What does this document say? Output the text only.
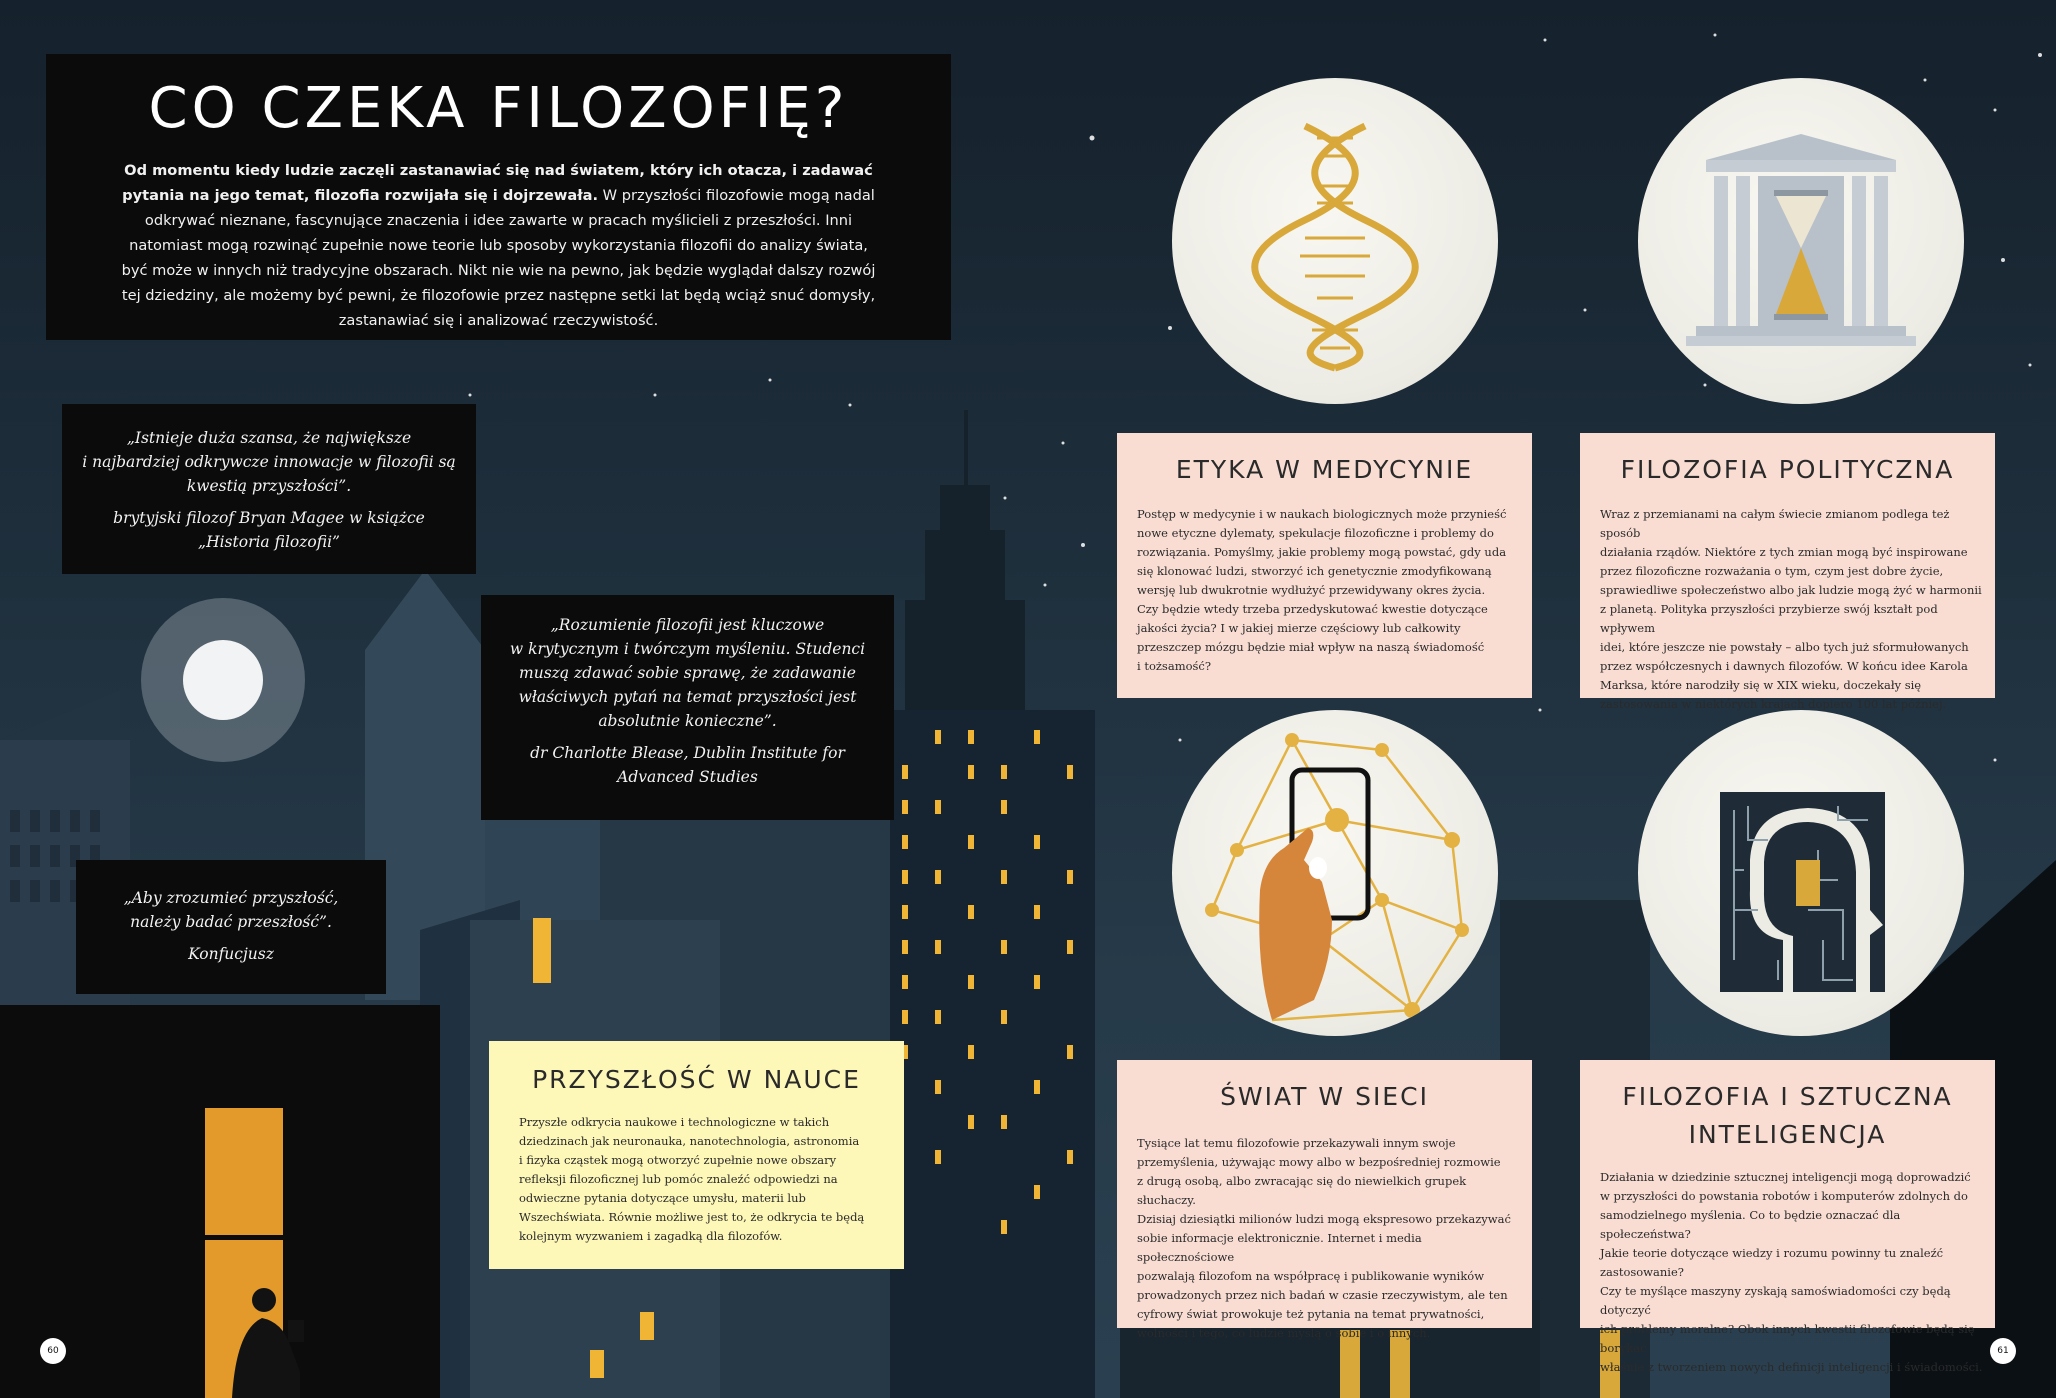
CO CZEKA FILOZOFIĘ?

Od momentu kiedy ludzie zaczęli zastanawiać się nad światem, który ich otacza, i zadawać pytania na jego temat, filozofia rozwijała się i dojrzewała. W przyszłości filozofowie mogą nadal odkrywać nieznane, fascynujące znaczenia i idee zawarte w pracach myślicieli z przeszłości. Inni natomiast mogą rozwinąć zupełnie nowe teorie lub sposoby wykorzystania filozofii do analizy świata, być może w innych niż tradycyjne obszarach. Nikt nie wie na pewno, jak będzie wyglądał dalszy rozwój tej dziedziny, ale możemy być pewni, że filozofowie przez następne setki lat będą wciąż snuć domysły, zastanawiać się i analizować rzeczywistość.

„Istnieje duża szansa, że największe
i najbardziej odkrywcze innowacje w filozofii są
kwestią przyszłości”.
brytyjski filozof Bryan Magee w książce
„Historia filozofii”
„Rozumienie filozofii jest kluczowe
w krytycznym i twórczym myśleniu. Studenci
muszą zdawać sobie sprawę, że zadawanie
właściwych pytań na temat przyszłości jest
absolutnie konieczne”.
dr Charlotte Blease, Dublin Institute for
Advanced Studies
„Aby zrozumieć przyszłość,
należy badać przeszłość”.
Konfucjusz
PRZYSZŁOŚĆ W NAUCE

Przyszłe odkrycia naukowe i technologiczne w takich

dziedzinach jak neuronauka, nanotechnologia, astronomia

i fizyka cząstek mogą otworzyć zupełnie nowe obszary

refleksji filozoficznej lub pomóc znaleźć odpowiedzi na

odwieczne pytania dotyczące umysłu, materii lub

Wszechświata. Równie możliwe jest to, że odkrycia te będą

kolejnym wyzwaniem i zagadką dla filozofów.

ETYKA W MEDYCYNIE

Postęp w medycynie i w naukach biologicznych może przynieść

nowe etyczne dylematy, spekulacje filozoficzne i problemy do

rozwiązania. Pomyślmy, jakie problemy mogą powstać, gdy uda

się klonować ludzi, stworzyć ich genetycznie zmodyfikowaną

wersję lub dwukrotnie wydłużyć przewidywany okres życia.

Czy będzie wtedy trzeba przedyskutować kwestie dotyczące

jakości życia? I w jakiej mierze częściowy lub całkowity

przeszczep mózgu będzie miał wpływ na naszą świadomość

i tożsamość?

FILOZOFIA POLITYCZNA

Wraz z przemianami na całym świecie zmianom podlega też sposób

działania rządów. Niektóre z tych zmian mogą być inspirowane

przez filozoficzne rozważania o tym, czym jest dobre życie,

sprawiedliwe społeczeństwo albo jak ludzie mogą żyć w harmonii

z planetą. Polityka przyszłości przybierze swój kształt pod wpływem

idei, które jeszcze nie powstały – albo tych już sformułowanych

przez współczesnych i dawnych filozofów. W końcu idee Karola

Marksa, które narodziły się w XIX wieku, doczekały się

zastosowania w niektórych krajach dopiero 100 lat później.

ŚWIAT W SIECI

Tysiące lat temu filozofowie przekazywali innym swoje

przemyślenia, używając mowy albo w bezpośredniej rozmowie

z drugą osobą, albo zwracając się do niewielkich grupek słuchaczy.

Dzisiaj dziesiątki milionów ludzi mogą ekspresowo przekazywać

sobie informacje elektronicznie. Internet i media społecznościowe

pozwalają filozofom na współpracę i publikowanie wyników

prowadzonych przez nich badań w czasie rzeczywistym, ale ten

cyfrowy świat prowokuje też pytania na temat prywatności,

wolności i tego, co ludzie myślą o sobie i o innych.

FILOZOFIA I SZTUCZNA
INTELIGENCJA

Działania w dziedzinie sztucznej inteligencji mogą doprowadzić

w przyszłości do powstania robotów i komputerów zdolnych do

samodzielnego myślenia. Co to będzie oznaczać dla społeczeństwa?

Jakie teorie dotyczące wiedzy i rozumu powinny tu znaleźć zastosowanie?

Czy te myślące maszyny zyskają samoświadomości czy będą dotyczyć

ich problemy moralne? Obok innych kwestii filozofowie będą się borykać

właśnie z tworzeniem nowych definicji inteligencji i świadomości.

60	61
